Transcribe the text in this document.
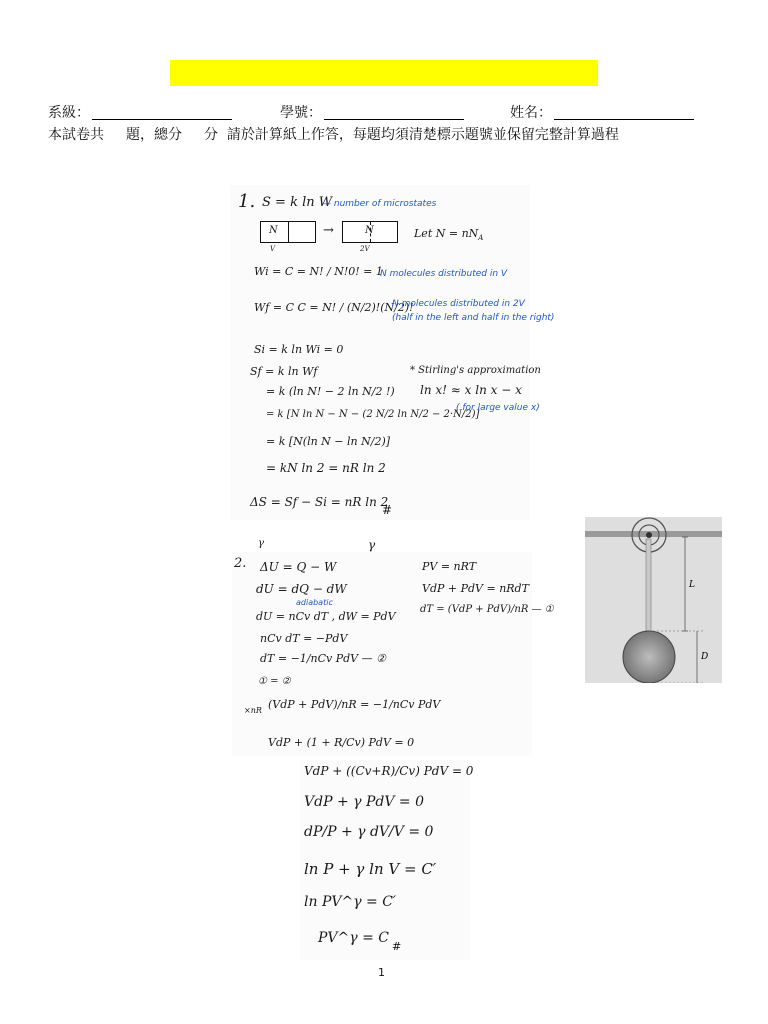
系級：	學號：	姓名：
本試卷共 題，總分 分 請於計算紙上作答，每題均須清楚標示題號並保留完整計算過程
1. S = k ln W
— number of microstates
N
V
→	N
2V
Let $N = nN_A$
Wi = C = N! / N!0! = 1
N molecules distributed in V
Wf = C C = N! / (N/2)!(N/2)!
N molecules distributed in 2V
(half in the left and half in the right)
Si = k ln Wi = 0
Sf = k ln Wf
= k (ln N! − 2 ln N/2 !)
= k [N ln N − N − (2 N/2 ln N/2 − 2·N/2)]
= k [N(ln N − ln N/2)]
= kN ln 2 = nR ln 2
* Stirling's approximation
ln x! ≈ x ln x − x
( for large value x)
ΔS = Sf − Si = nR ln 2
#
γ	γ
2. ΔU = Q − W
dU = dQ − dW
adiabatic
dU = nCv dT , dW = PdV
nCv dT = −PdV
dT = −1/nCv PdV — ②
① = ②
×nR (VdP + PdV)/nR = −1/nCv PdV
VdP + (1 + R/Cv) PdV = 0
PV = nRT
VdP + PdV = nRdT
dT = (VdP + PdV)/nR — ①
VdP + ((Cv+R)/Cv) PdV = 0
VdP + γ PdV = 0
dP/P + γ dV/V = 0
ln P + γ ln V = C′
ln PV^γ = C′
PV^γ = C
#
L
D
1
